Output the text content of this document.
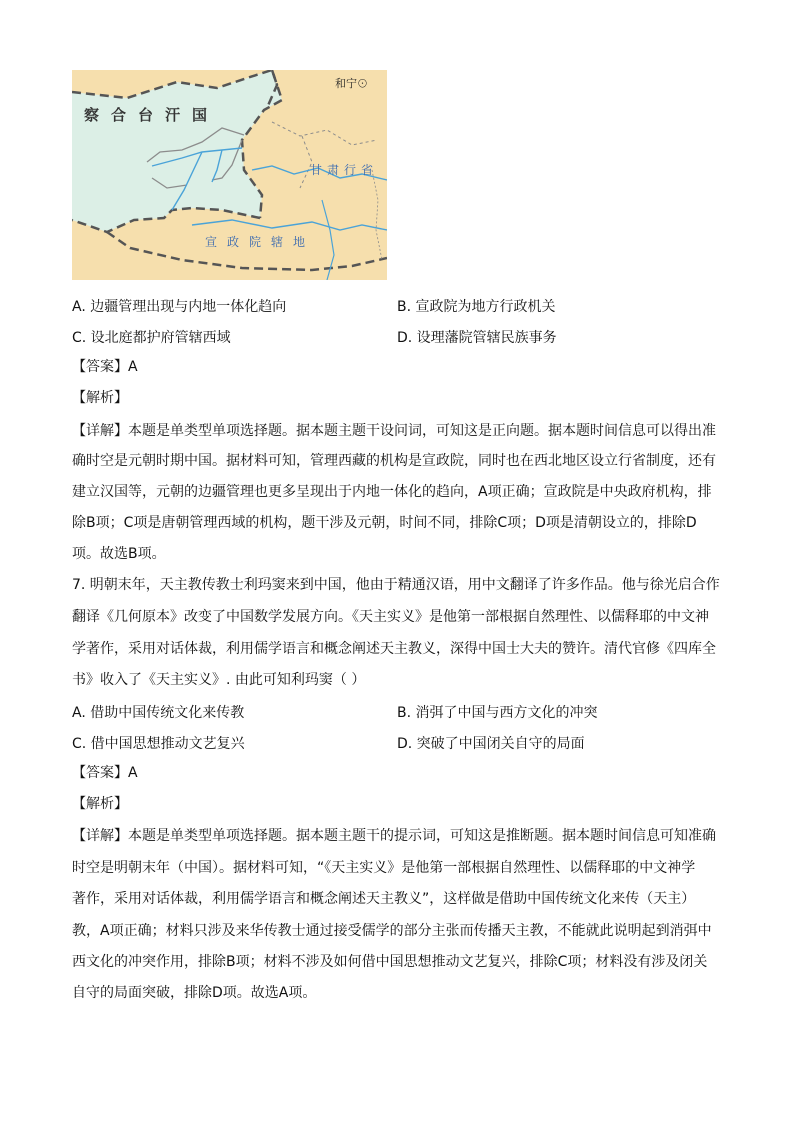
察合台汗国
和宁⊙
甘肃行省
宣政院辖地
A. 边疆管理出现与内地一体化趋向	B. 宣政院为地方行政机关
C. 设北庭都护府管辖西域	D. 设理藩院管辖民族事务
【答案】A
【解析】
【详解】本题是单类型单项选择题。据本题主题干设问词，可知这是正向题。据本题时间信息可以得出准
确时空是元朝时期中国。据材料可知，管理西藏的机构是宣政院，同时也在西北地区设立行省制度，还有
建立汉国等，元朝的边疆管理也更多呈现出于内地一体化的趋向，A项正确；宣政院是中央政府机构，排
除B项；C项是唐朝管理西域的机构，题干涉及元朝，时间不同，排除C项；D项是清朝设立的，排除D
项。故选B项。
7. 明朝末年，天主教传教士利玛窦来到中国，他由于精通汉语，用中文翻译了许多作品。他与徐光启合作
翻译《几何原本》改变了中国数学发展方向。《天主实义》是他第一部根据自然理性、以儒释耶的中文神
学著作，采用对话体裁，利用儒学语言和概念阐述天主教义，深得中国士大夫的赞许。清代官修《四库全
书》收入了《天主实义》. 由此可知利玛窦（ ）
A. 借助中国传统文化来传教	B. 消弭了中国与西方文化的冲突
C. 借中国思想推动文艺复兴	D. 突破了中国闭关自守的局面
【答案】A
【解析】
【详解】本题是单类型单项选择题。据本题主题干的提示词，可知这是推断题。据本题时间信息可知准确
时空是明朝末年（中国）。据材料可知，“《天主实义》是他第一部根据自然理性、以儒释耶的中文神学
著作，采用对话体裁，利用儒学语言和概念阐述天主教义”，这样做是借助中国传统文化来传（天主）
教，A项正确；材料只涉及来华传教士通过接受儒学的部分主张而传播天主教，不能就此说明起到消弭中
西文化的冲突作用，排除B项；材料不涉及如何借中国思想推动文艺复兴，排除C项；材料没有涉及闭关
自守的局面突破，排除D项。故选A项。
